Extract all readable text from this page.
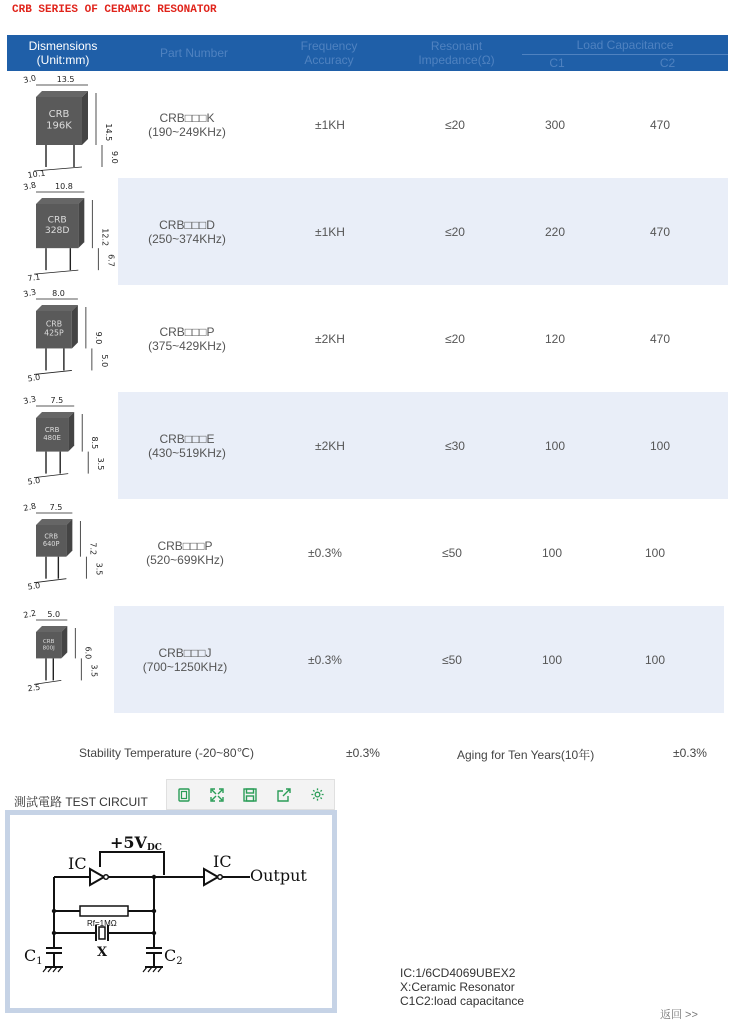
CRB SERIES OF CERAMIC RESONATOR
Dismensions
(Unit:mm)	Part Number	Frequency
Accuracy
Resonant
Impedance(Ω)
Load Capacitance
C1	C2
CRB
196K
3.0 13.5
14.5
10.1
9.0
CRB□□□K
(190~249KHz)	±1KH	≤20	300	470
CRB
328D
3.8 10.8
12.2
7.1
6.7
CRB□□□D
(250~374KHz)	±1KH	≤20	220	470
CRB
425P
3.3 8.0
9.0
5.0
5.0
CRB□□□P
(375~429KHz)	±2KH	≤20	120	470
CRB
480E
3.3 7.5
8.5
5.0
3.5
CRB□□□E
(430~519KHz)	±2KH	≤30	100	100
CRB
640P
2.8 7.5
7.2
5.0
3.5
CRB□□□P
(520~699KHz)	±0.3%	≤50	100	100
CRB
800J
2.2 5.0
6.0
2.5
3.5
CRB□□□J
(700~1250KHz)	±0.3%	≤50	100	100
Stability Temperature (-20~80℃)	±0.3%	Aging for Ten Years(10年)	±0.3%
測試電路 TEST CIRCUIT
+5VDC
IC	IC
Output
Rf=1MΩ
X
C1	C2
IC:1/6CD4069UBEX2
X:Ceramic Resonator
C1C2:load capacitance
返回 >>
